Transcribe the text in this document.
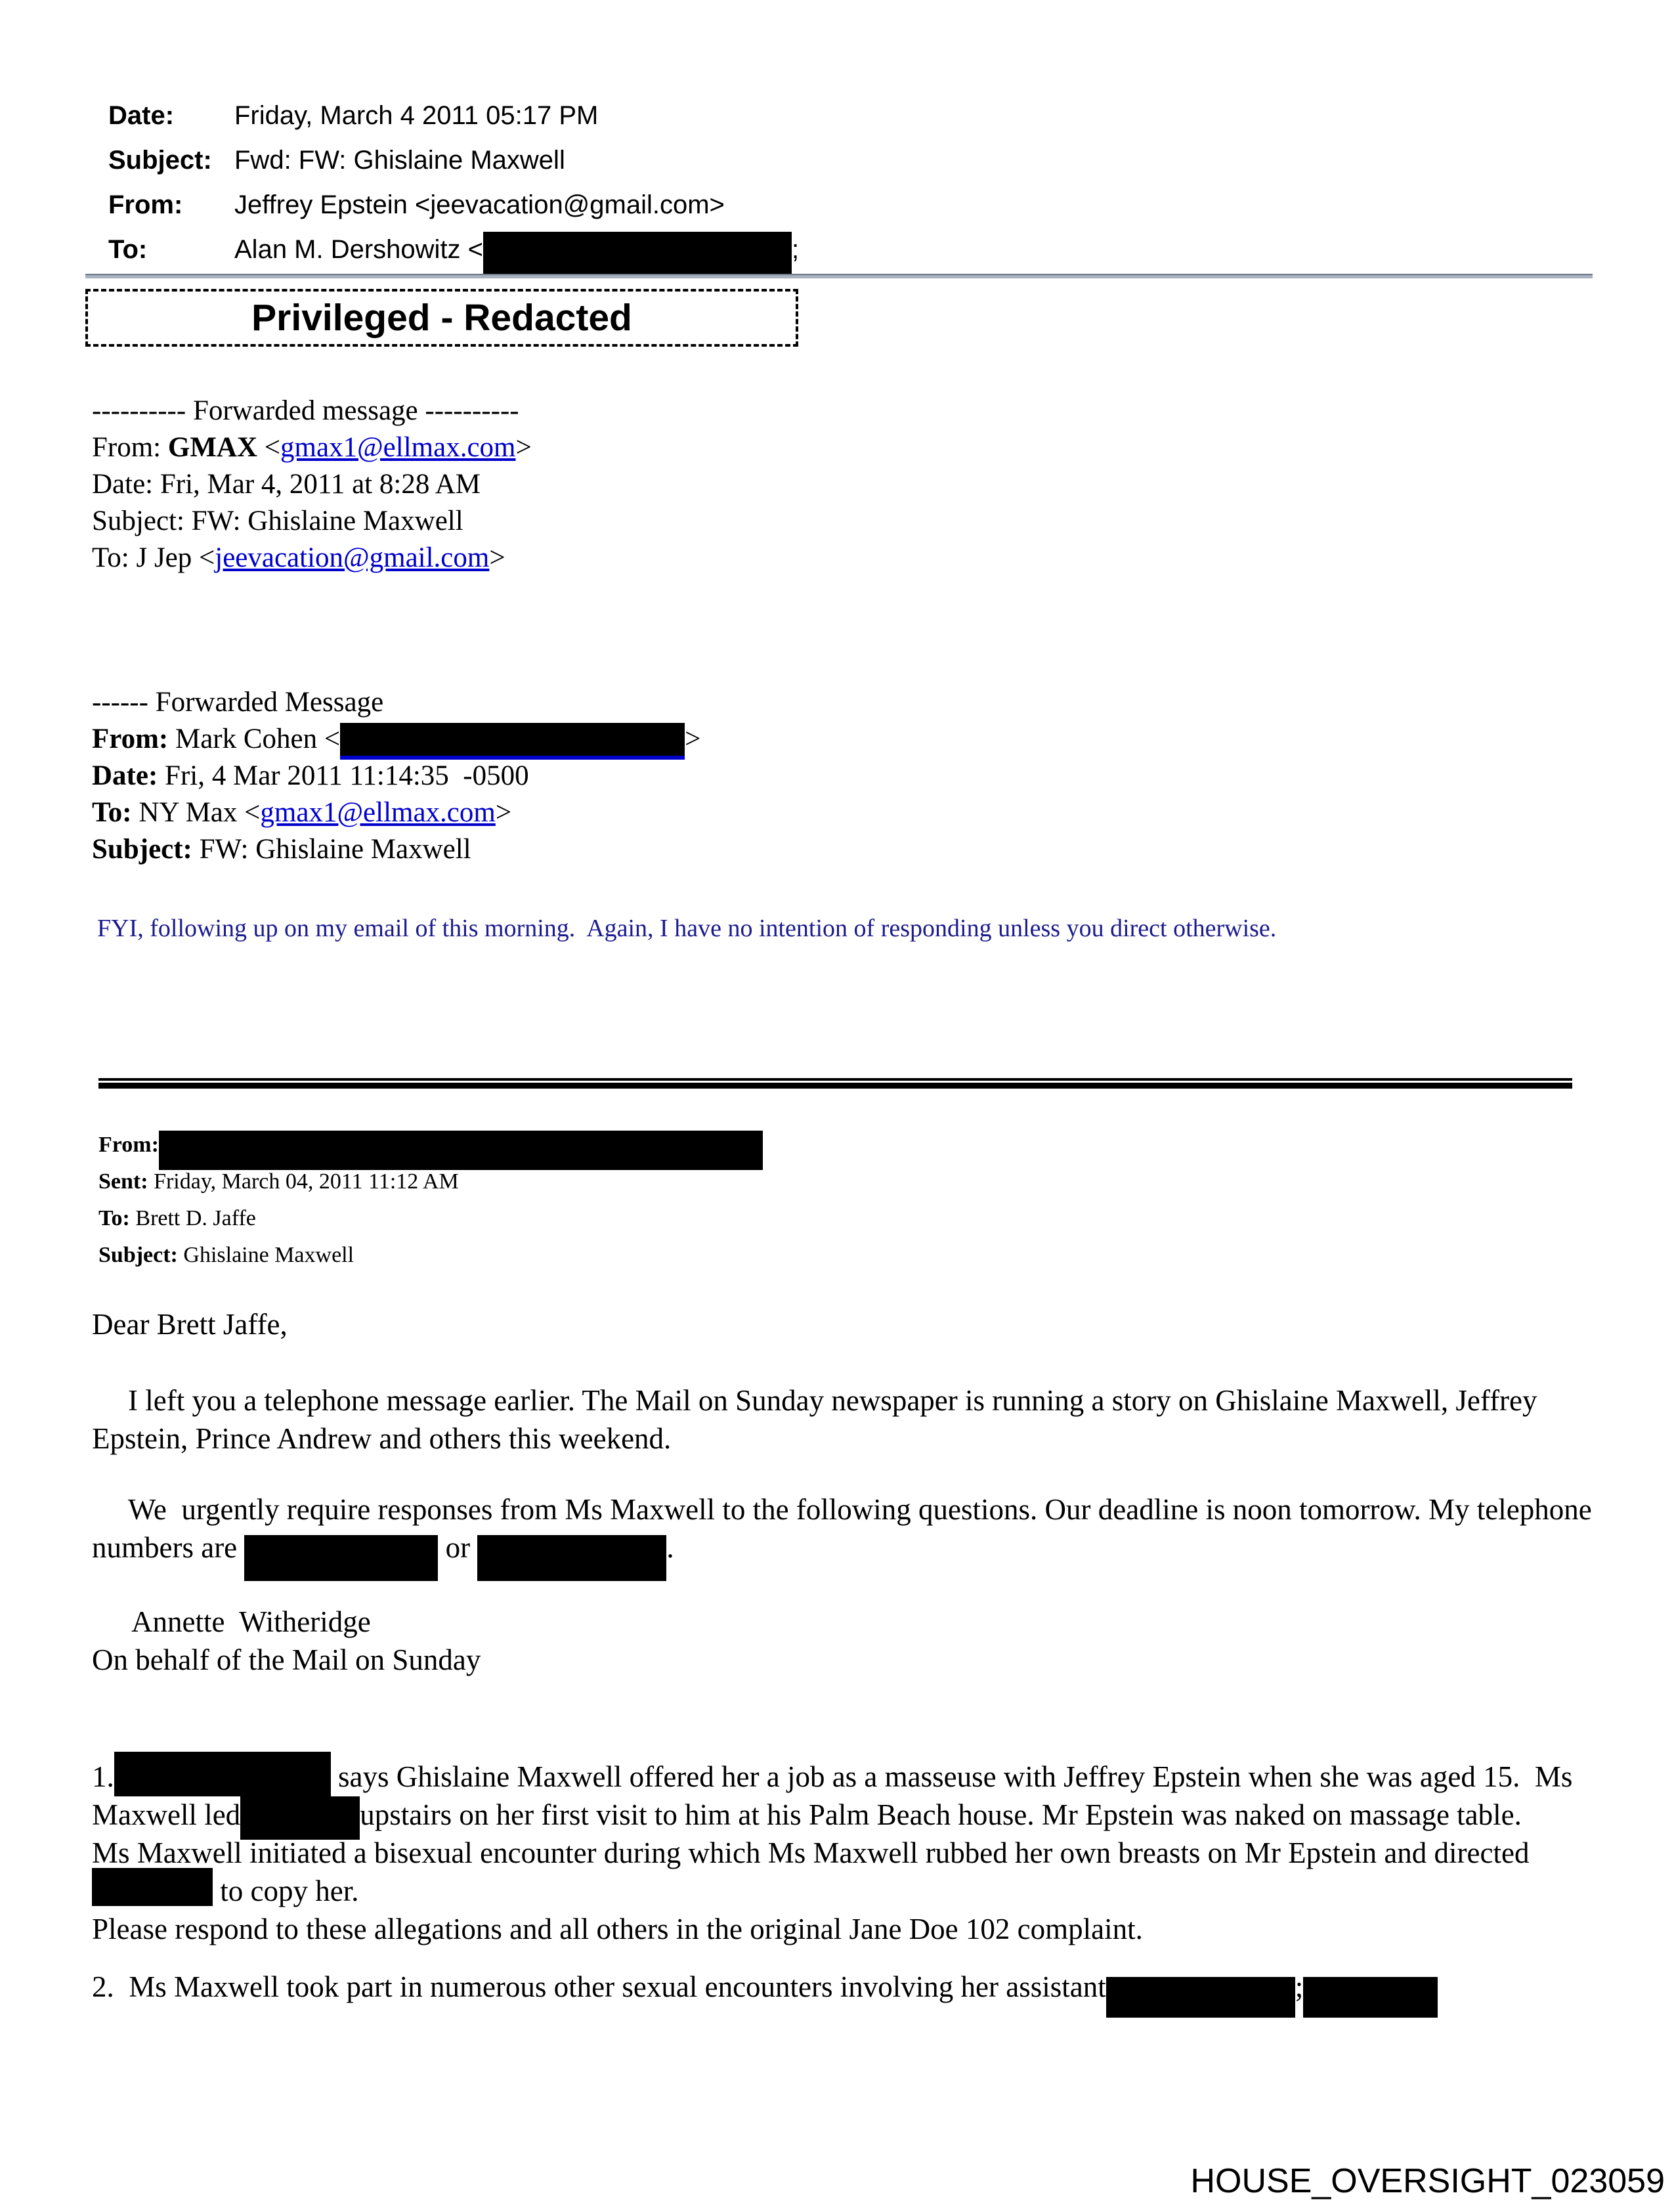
Date: Friday, March 4 2011 05:17 PM
Subject: Fwd: FW: Ghislaine Maxwell
From: Jeffrey Epstein <jeevacation@gmail.com>
To:	Alan M. Dershowitz <	;
Privileged - Redacted
---------- Forwarded message ----------
From: GMAX <gmax1@ellmax.com>
Date: Fri, Mar 4, 2011 at 8:28 AM
Subject: FW: Ghislaine Maxwell
To: J Jep <jeevacation@gmail.com>
------ Forwarded Message
From: Mark Cohen <	>
Date: Fri, 4 Mar 2011 11:14:35  -0500
To: NY Max <gmax1@ellmax.com>
Subject: FW: Ghislaine Maxwell
FYI, following up on my email of this morning.  Again, I have no intention of responding unless you direct otherwise.
From:
Sent: Friday, March 04, 2011 11:12 AM
To: Brett D. Jaffe
Subject: Ghislaine Maxwell
Dear Brett Jaffe,

I left you a telephone message earlier. The Mail on Sunday newspaper is running a story on Ghislaine Maxwell, Jeffrey Epstein, Prince Andrew and others this weekend.

We  urgently require responses from Ms Maxwell to the following questions. Our deadline is noon tomorrow. My telephone numbers are	or	.

Annette  Witheridge

On behalf of the Mail on Sunday

1.	says Ghislaine Maxwell offered her a job as a masseuse with Jeffrey Epstein when she was aged 15.  Ms Maxwell led	upstairs on her first visit to him at his Palm Beach house. Mr Epstein was naked on massage table.

Ms Maxwell initiated a bisexual encounter during which Ms Maxwell rubbed her own breasts on Mr Epstein and directed  to copy her.

Please respond to these allegations and all others in the original Jane Doe 102 complaint.

2.  Ms Maxwell took part in numerous other sexual encounters involving her assistant	;

HOUSE_OVERSIGHT_023059
